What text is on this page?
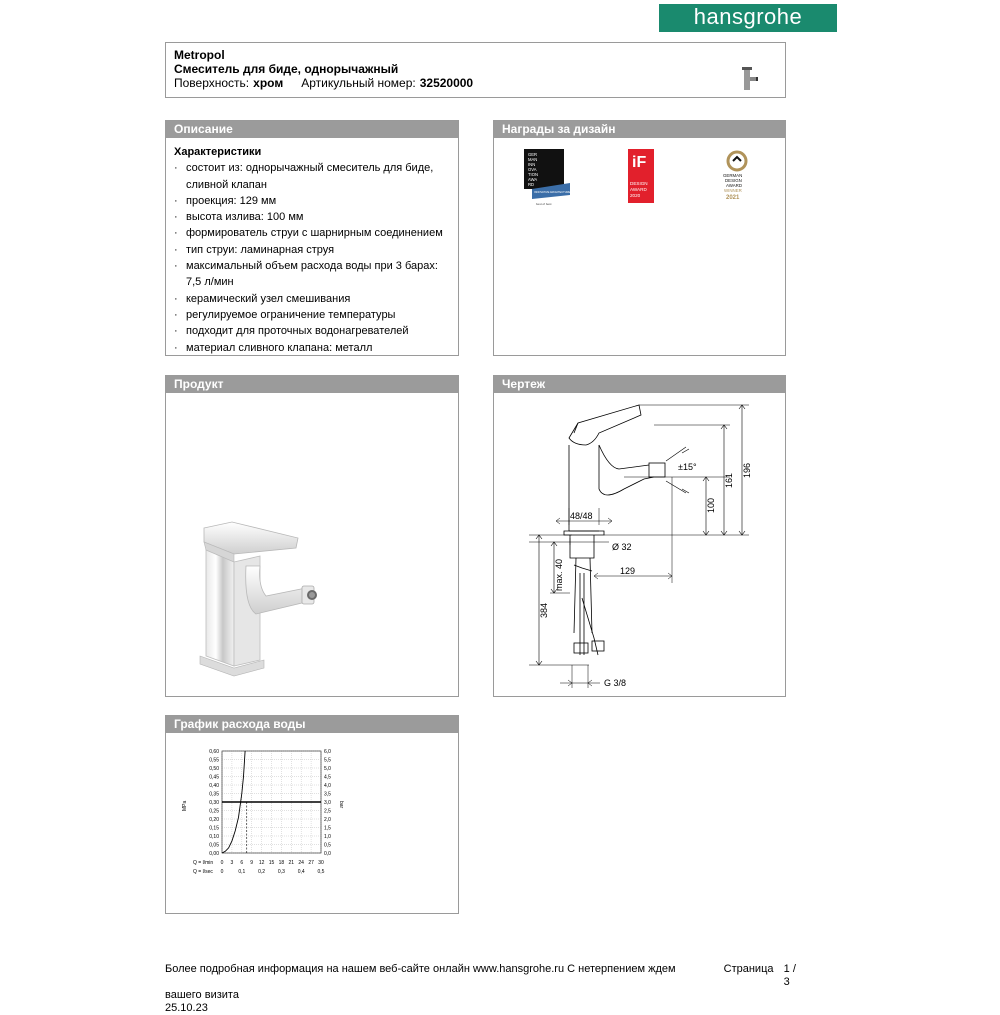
hansgrohe
Metropol
Смеситель для биде, однорычажный
Поверхность: хром Артикульный номер: 32520000
Описание
Характеристики
· состоит из: однорычажный смеситель для биде, сливной клапан
· проекция: 129 мм
· высота излива: 100 мм
· формирователь струи с шарнирным соединением
· тип струи: ламинарная струя
· максимальный объем расхода воды при 3 барах: 7,5 л/мин
· керамический узел смешивания
· регулируемое ограничение температуры
· подходит для проточных водонагревателей
· материал сливного клапана: металл
Награды за дизайн
GER
MAN
INN
OVA
TION
AWA
RD
INNOVATIVE ARCHITECTURE
best of best
iF
DESIGN
AWARD
2020
GERMAN
DESIGN
AWARD
WINNER
2021
Продукт	Чертеж
±15°	196
161
100
48/48
Ø 32
129
max. 40
384
G 3/8
График расхода воды
MPa	bar
Q = l/min
Q = l/sec
0,60	6,0
0,55	5,5
0,50	5,0
0,45	4,5
0,40	4,0
0,35	3,5
0,30	3,0
0,25	2,5
0,20	2,0
0,15	1,5
0,10	1,0
0,05	0,5
0,00	0,0
0 3 6 9 12 15 18 21 24 27 30
0	0,1	0,2	0,3	0,4	0,5
Более подробная информация на нашем веб-сайте онлайн www.hansgrohe.ru С нетерпением ждем	Страница 1 / 3
вашего визита
25.10.23
